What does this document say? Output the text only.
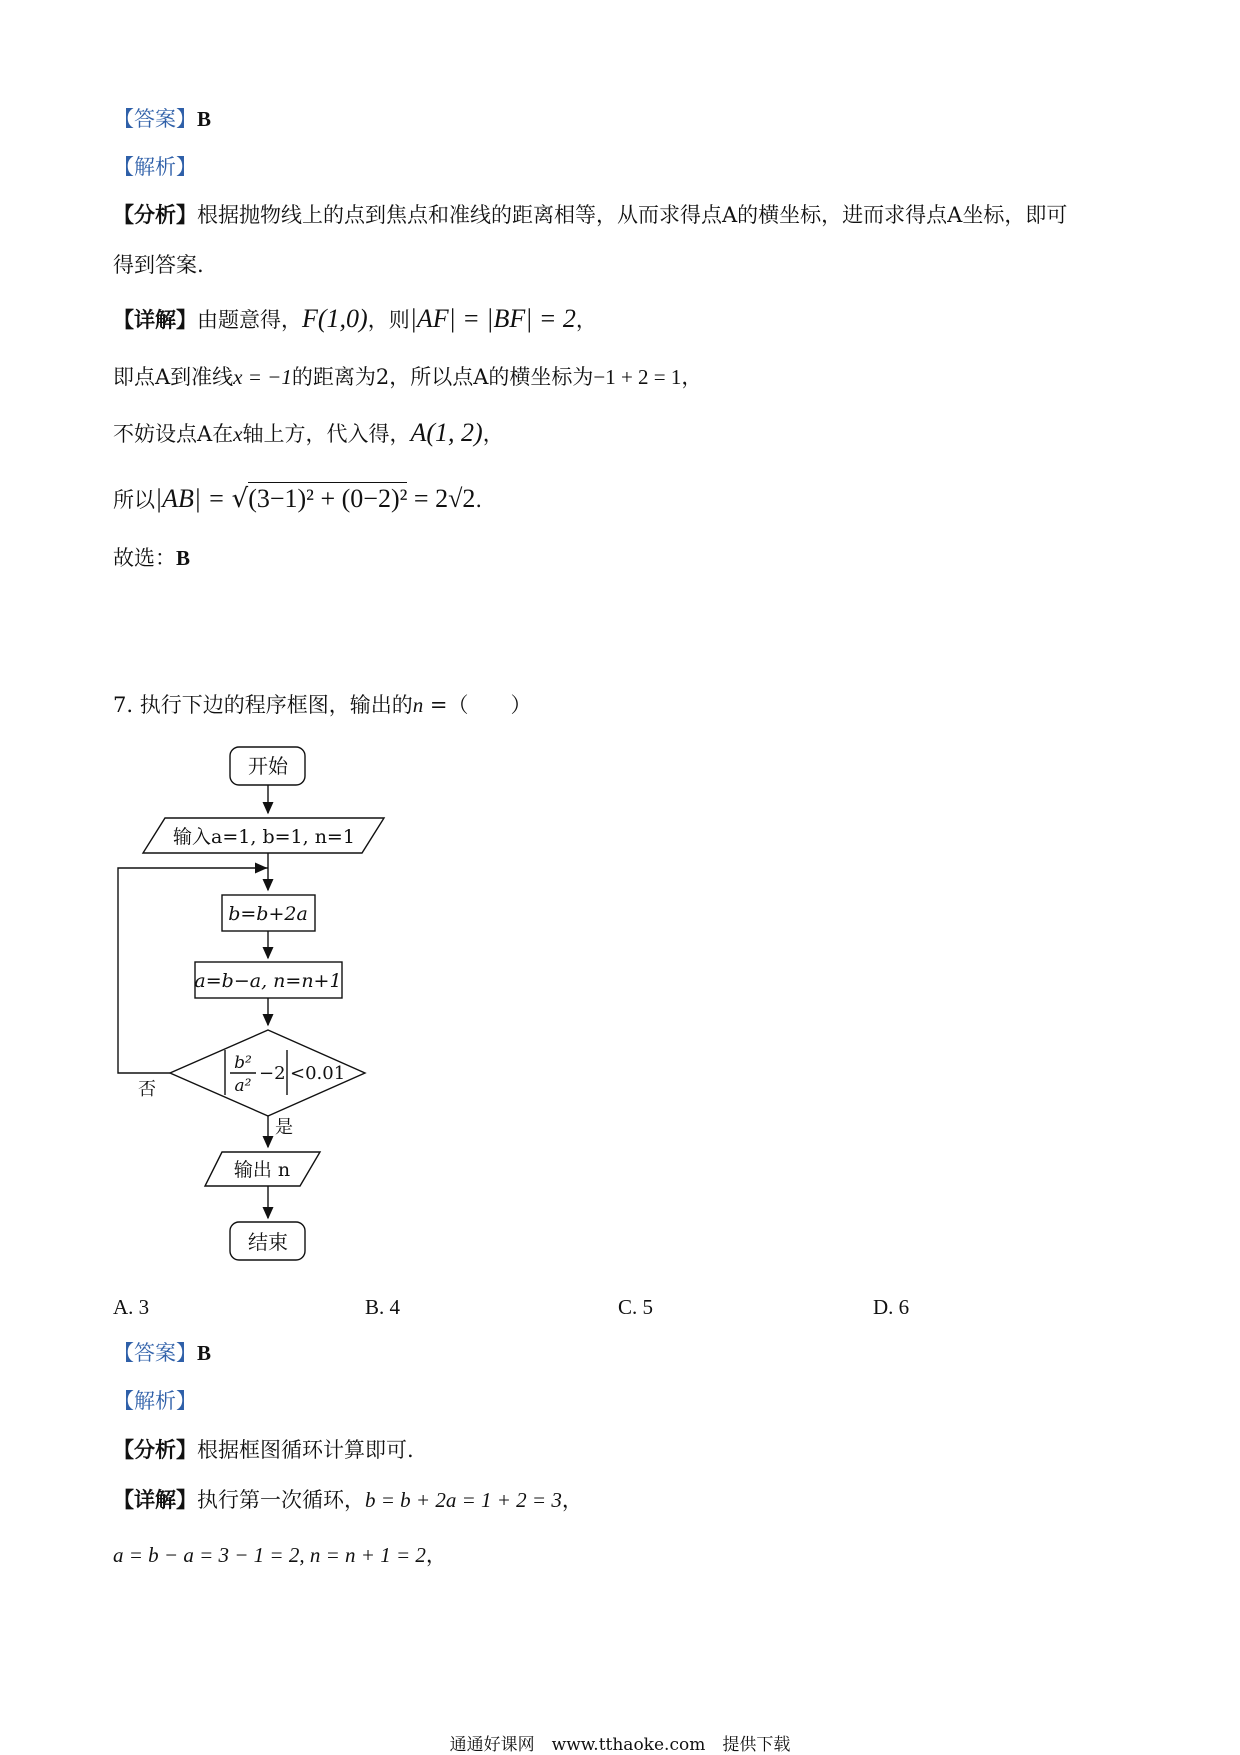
【答案】B
【解析】
【分析】根据抛物线上的点到焦点和准线的距离相等，从而求得点A的横坐标，进而求得点A坐标，即可
得到答案.
【详解】由题意得，F(1,0)，则|AF| = |BF| = 2，
即点A到准线x = −1的距离为2，所以点A的横坐标为−1 + 2 = 1，
不妨设点A在x轴上方，代入得，A(1, 2)，
所以|AB| = √(3−1)² + (0−2)² = 2√2.
故选：B
7. 执行下边的程序框图，输出的n =（　　）
开始
输入a=1, b=1, n=1
b=b+2a
a=b−a, n=n+1
b²
a²
−2 <0.01
否
是
输出 n
结束
A. 3	B. 4	C. 5	D. 6
【答案】B
【解析】
【分析】根据框图循环计算即可.
【详解】执行第一次循环，b = b + 2a = 1 + 2 = 3，
a = b − a = 3 − 1 = 2, n = n + 1 = 2，
通通好课网　www.tthaoke.com　提供下载
